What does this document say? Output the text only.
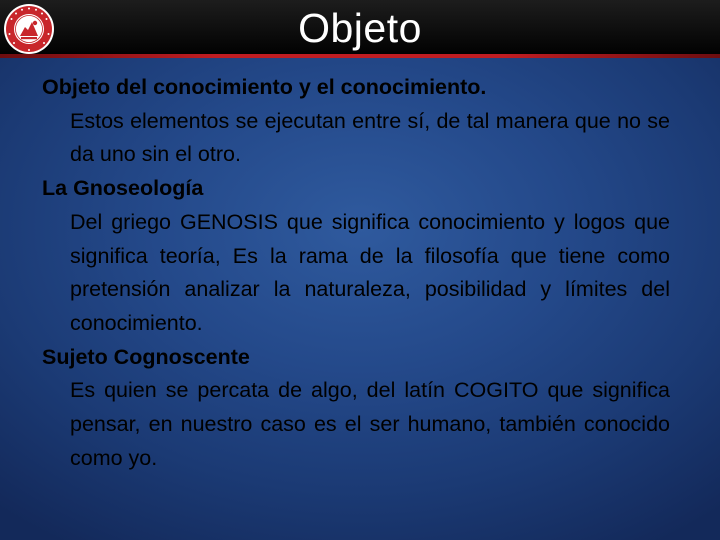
Objeto

Objeto del conocimiento y el conocimiento.

Estos elementos se ejecutan entre sí, de tal manera que no se da uno sin el otro.

La Gnoseología

Del griego GENOSIS que significa conocimiento y logos que significa teoría, Es la rama de la filosofía que tiene como pretensión analizar la naturaleza, posibilidad y límites del conocimiento.

Sujeto Cognoscente

Es quien se percata de algo, del latín COGITO que significa pensar, en nuestro caso es el ser humano, también conocido como yo.
